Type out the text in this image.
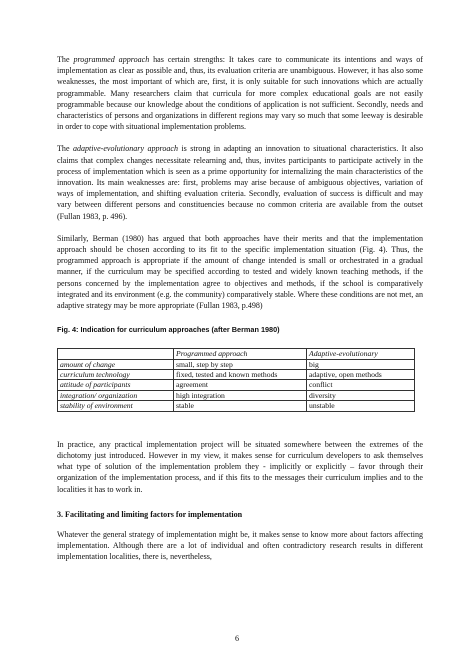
The programmed approach has certain strengths: It takes care to communicate its intentions and ways of implementation as clear as possible and, thus, its evaluation criteria are unambiguous. However, it has also some weaknesses, the most important of which are, first, it is only suitable for such innovations which are actually programmable. Many researchers claim that curricula for more complex educational goals are not easily programmable because our knowledge about the conditions of application is not sufficient. Secondly, needs and characteristics of persons and organizations in different regions may vary so much that some leeway is desirable in order to cope with situational implementation problems.

The adaptive-evolutionary approach is strong in adapting an innovation to situational characteristics. It also claims that complex changes necessitate relearning and, thus, invites participants to participate actively in the process of implementation which is seen as a prime opportunity for internalizing the main characteristics of the innovation. Its main weaknesses are: first, problems may arise because of ambiguous objectives, variation of ways of implementation, and shifting evaluation criteria. Secondly, evaluation of success is difficult and may vary between different persons and constituencies because no common criteria are available from the outset (Fullan 1983, p. 496).

Similarly, Berman (1980) has argued that both approaches have their merits and that the implementation approach should be chosen according to its fit to the specific implementation situation (Fig. 4). Thus, the programmed approach is appropriate if the amount of change intended is small or orchestrated in a gradual manner, if the curriculum may be specified according to tested and widely known teaching methods, if the persons concerned by the implementation agree to objectives and methods, if the school is comparatively integrated and its environment (e.g. the community) comparatively stable. Where these conditions are not met, an adaptive strategy may be more appropriate (Fullan 1983, p.498)

Fig. 4: Indication for curriculum approaches (after Berman 1980)
	Programmed approach	Adaptive-evolutionary
amount of change	small, step by step	big
curriculum technology	fixed, tested and known methods	adaptive, open methods
attitude of participants	agreement	conflict
integration/ organization	high integration	diversity
stability of environment	stable	unstable

In practice, any practical implementation project will be situated somewhere between the extremes of the dichotomy just introduced. However in my view, it makes sense for curriculum developers to ask themselves what type of solution of the implementation problem they - implicitly or explicitly – favor through their organization of the implementation process, and if this fits to the messages their curriculum implies and to the localities it has to work in.

3. Facilitating and limiting factors for implementation

Whatever the general strategy of implementation might be, it makes sense to know more about factors affecting implementation. Although there are a lot of individual and often contradictory research results in different implementation localities, there is, nevertheless,

6
